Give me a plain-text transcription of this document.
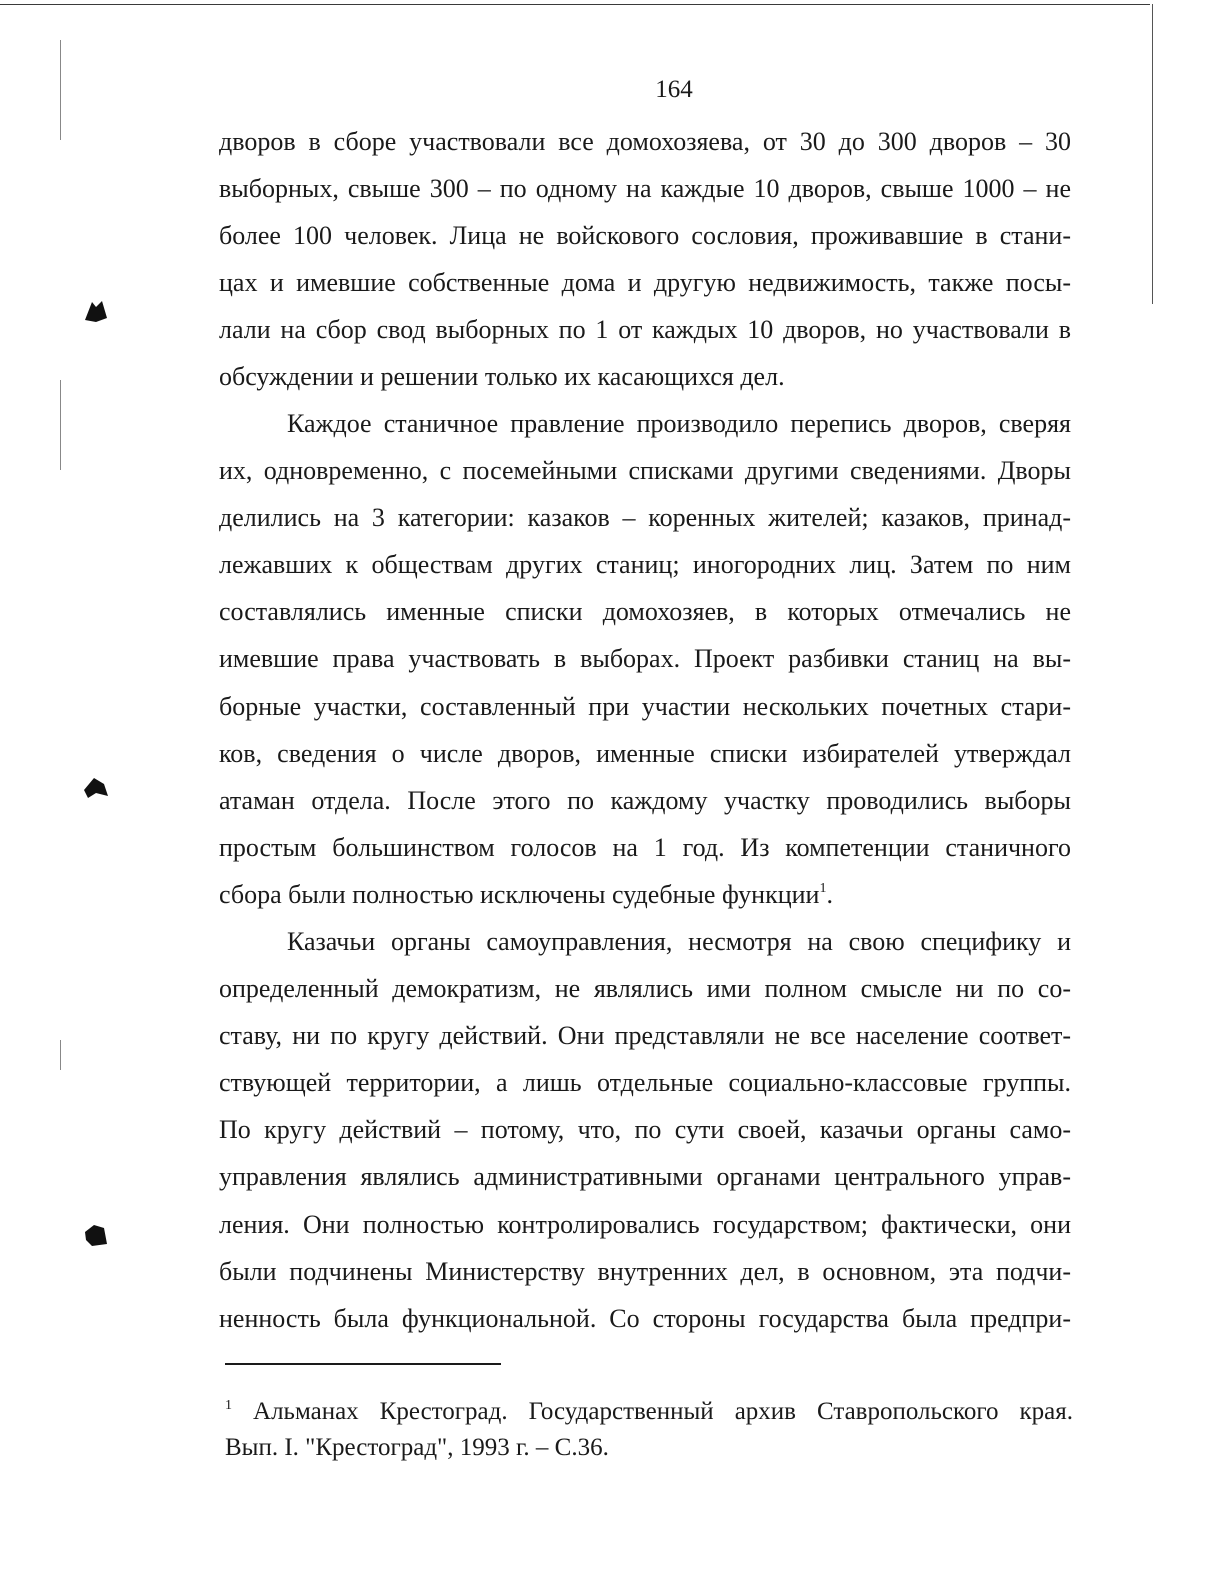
164
дворов в сборе участвовали все домохозяева, от 30 до 300 дворов – 30
выборных, свыше 300 – по одному на каждые 10 дворов, свыше 1000 – не
более 100 человек. Лица не войскового сословия, проживавшие в стани-
цах и имевшие собственные дома и другую недвижимость, также посы-
лали на сбор свод выборных по 1 от каждых 10 дворов, но участвовали в
обсуждении и решении только их касающихся дел.
Каждое станичное правление производило перепись дворов, сверяя
их, одновременно, с посемейными списками другими сведениями. Дворы
делились на 3 категории: казаков – коренных жителей; казаков, принад-
лежавших к обществам других станиц; иногородних лиц. Затем по ним
составлялись именные списки домохозяев, в которых отмечались не
имевшие права участвовать в выборах. Проект разбивки станиц на вы-
борные участки, составленный при участии нескольких почетных стари-
ков, сведения о числе дворов, именные списки избирателей утверждал
атаман отдела. После этого по каждому участку проводились выборы
простым большинством голосов на 1 год. Из компетенции станичного
сбора были полностью исключены судебные функции$^1$.
Казачьи органы самоуправления, несмотря на свою специфику и
определенный демократизм, не являлись ими полном смысле ни по со-
ставу, ни по кругу действий. Они представляли не все население соответ-
ствующей территории, а лишь отдельные социально-классовые группы.
По кругу действий – потому, что, по сути своей, казачьи органы само-
управления являлись административными органами центрального управ-
ления. Они полностью контролировались государством; фактически, они
были подчинены Министерству внутренних дел, в основном, эта подчи-
ненность была функциональной. Со стороны государства была предпри-
$^1$ Альманах Крестоград. Государственный архив Ставропольского края.
Вып. I. "Крестоград", 1993 г. – С.36.
